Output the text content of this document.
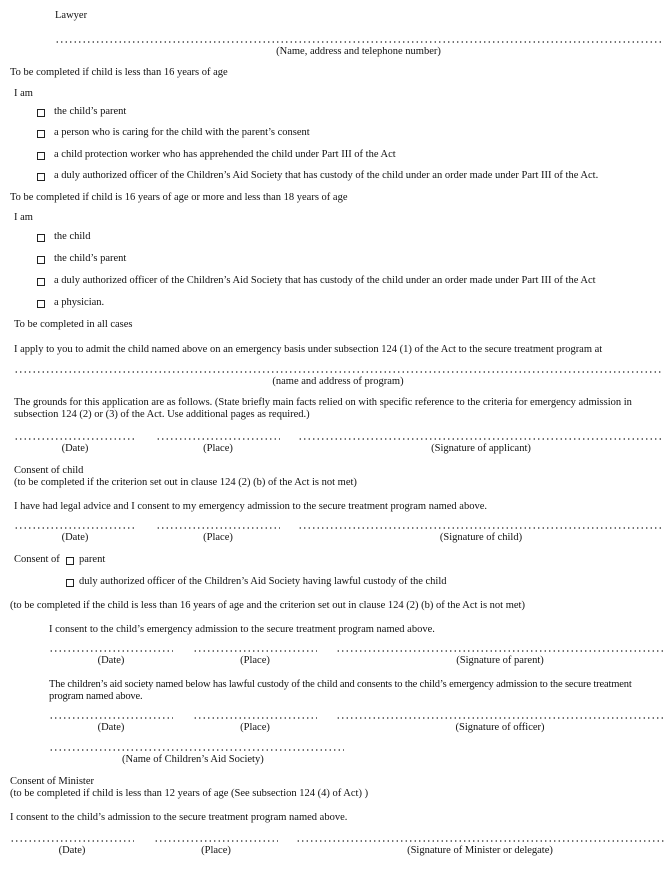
Lawyer
(Name, address and telephone number)
To be completed if child is less than 16 years of age
I am
the child’s parent
a person who is caring for the child with the parent’s consent
a child protection worker who has apprehended the child under Part III of the Act
a duly authorized officer of the Children’s Aid Society that has custody of the child under an order made under Part III of the Act.
To be completed if child is 16 years of age or more and less than 18 years of age
I am
the child
the child’s parent
a duly authorized officer of the Children’s Aid Society that has custody of the child under an order made under Part III of the Act
a physician.
To be completed in all cases
I apply to you to admit the child named above on an emergency basis under subsection 124 (1) of the Act to the secure treatment program at
(name and address of program)
The grounds for this application are as follows. (State briefly main facts relied on with specific reference to the criteria for emergency admission in subsection 124 (2) or (3) of the Act. Use additional pages as required.)
(Date)	(Place)	(Signature of applicant)
Consent of child
(to be completed if the criterion set out in clause 124 (2) (b) of the Act is not met)
I have had legal advice and I consent to my emergency admission to the secure treatment program named above.
(Date)	(Place)	(Signature of child)
Consent of parent
duly authorized officer of the Children’s Aid Society having lawful custody of the child
(to be completed if the child is less than 16 years of age and the criterion set out in clause 124 (2) (b) of the Act is not met)
I consent to the child’s emergency admission to the secure treatment program named above.
(Date)	(Place)	(Signature of parent)
The children’s aid society named below has lawful custody of the child and consents to the child’s emergency admission to the secure treatment program named above.
(Date)	(Place)	(Signature of officer)
(Name of Children’s Aid Society)
Consent of Minister
(to be completed if child is less than 12 years of age (See subsection 124 (4) of Act) )
I consent to the child’s admission to the secure treatment program named above.
(Date)	(Place)	(Signature of Minister or delegate)
